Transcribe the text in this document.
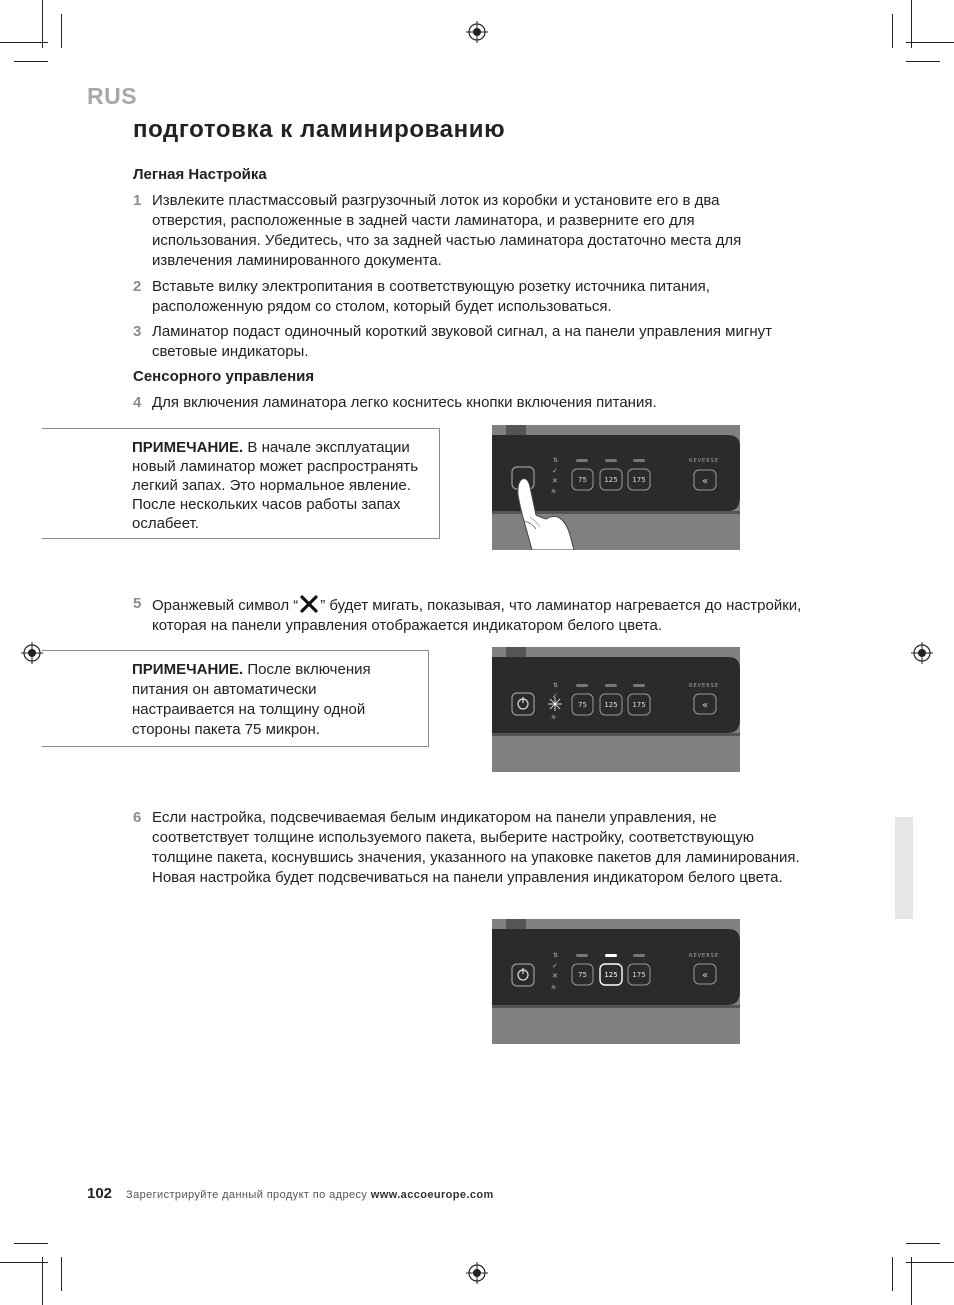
RUS
подготовка к ламинированию
Легная Настройка
1 Извлеките пластмассовый разгрузочный лоток из коробки и установите его в два отверстия, расположенные в задней части ламинатора, и разверните его для использования. Убедитесь, что за задней частью ламинатора достаточно места для извлечения ламинированного документа.
2 Вставьте вилку электропитания в соответствующую розетку источника питания, расположенную рядом со столом, который будет использоваться.
3 Ламинатор подаст одиночный короткий звуковой сигнал, а на панели управления мигнут световые индикаторы.
Сенсорного управления
4 Для включения ламинатора легко коснитесь кнопки включения питания.
ПРИМЕЧАНИЕ. В начале эксплуатации новый ламинатор может распространять легкий запах. Это нормальное явление. После нескольких часов работы запах ослабеет.
⇅
✓
✕
≋
75 125 175
REVERSE
«
5 Оранжевый символ “ ” будет мигать, показывая, что ламинатор нагревается до настройки, которая на панели управления отображается индикатором белого цвета.
ПРИМЕЧАНИЕ. После включения питания он автоматически настраивается на толщину одной стороны пакета 75 микрон.
⇅
✓
≋
75 125 175
REVERSE
«
6 Если настройка, подсвечиваемая белым индикатором на панели управления, не соответствует толщине используемого пакета, выберите настройку, соответствующую толщине пакета, коснувшись значения, указанного на упаковке пакетов для ламинирования. Новая настройка будет подсвечиваться на панели управления индикатором белого цвета.
⇅
✓
✕
≋
75 125 175
REVERSE
«
102 Зарегистрируйте данный продукт по адресу www.accoeurope.com
